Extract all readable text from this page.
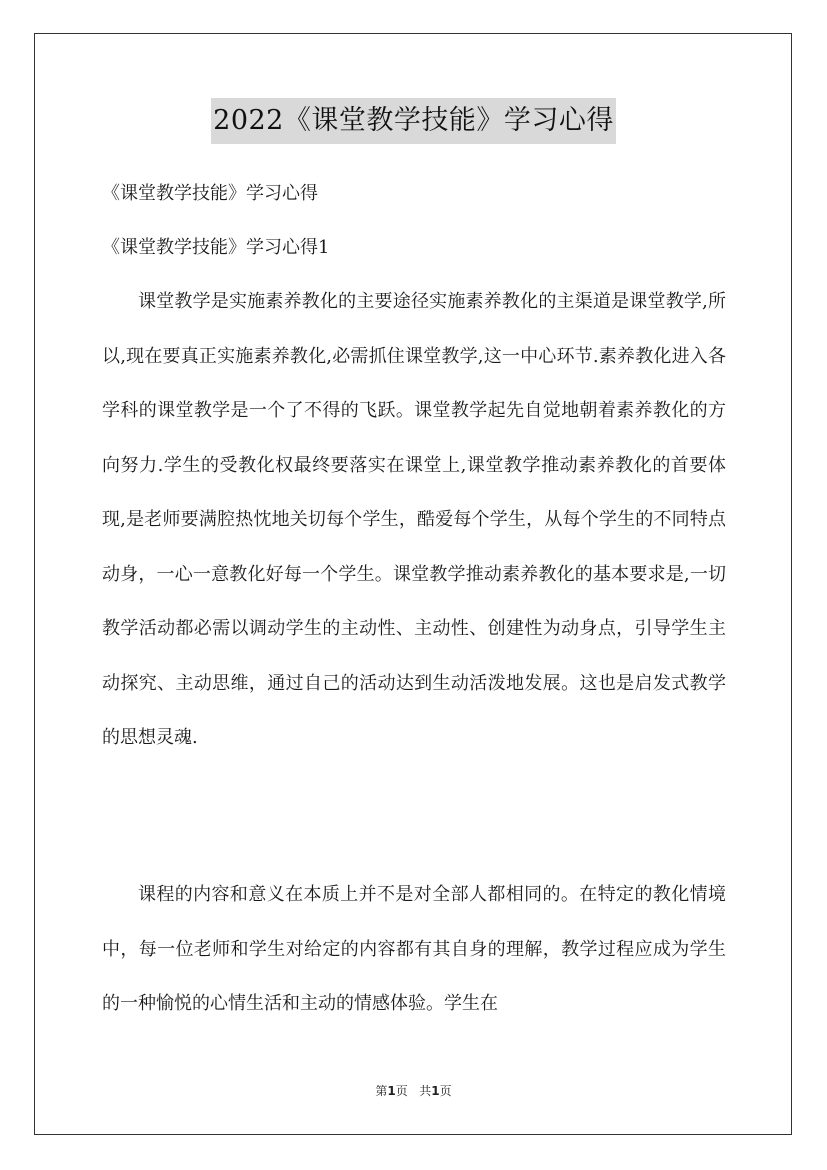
2022《课堂教学技能》学习心得
《课堂教学技能》学习心得
《课堂教学技能》学习心得1

课堂教学是实施素养教化的主要途径实施素养教化的主渠道是课堂教学,所以,现在要真正实施素养教化,必需抓住课堂教学,这一中心环节.素养教化进入各学科的课堂教学是一个了不得的飞跃。课堂教学起先自觉地朝着素养教化的方向努力.学生的受教化权最终要落实在课堂上,课堂教学推动素养教化的首要体现,是老师要满腔热忱地关切每个学生，酷爱每个学生，从每个学生的不同特点动身，一心一意教化好每一个学生。课堂教学推动素养教化的基本要求是,一切教学活动都必需以调动学生的主动性、主动性、创建性为动身点，引导学生主动探究、主动思维，通过自己的活动达到生动活泼地发展。这也是启发式教学的思想灵魂.

课程的内容和意义在本质上并不是对全部人都相同的。在特定的教化情境中，每一位老师和学生对给定的内容都有其自身的理解，教学过程应成为学生的一种愉悦的心情生活和主动的情感体验。学生在

第1页 共1页
